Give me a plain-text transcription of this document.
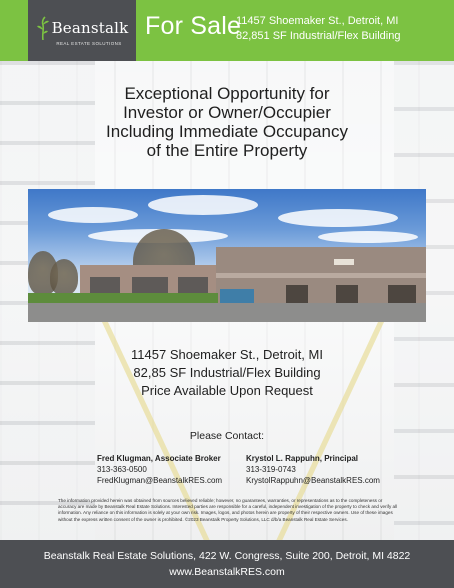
Beanstalk
REAL ESTATE SOLUTIONS
For Sale
11457 Shoemaker St., Detroit, MI
82,851 SF Industrial/Flex Building
Exceptional Opportunity for
Investor or Owner/Occupier
Including Immediate Occupancy
of the Entire Property
11457 Shoemaker St., Detroit, MI
82,85 SF Industrial/Flex Building
Price Available Upon Request
Please Contact:
Fred Klugman, Associate Broker
313-363-0500
FredKlugman@BeanstalkRES.com
Krystol L. Rappuhn, Principal
313-319-0743
KrystolRappuhn@BeanstalkRES.com
The information provided herein was obtained from sources believed reliable; however, no guarantees, warranties, or representations as to the completeness or accuracy are made by Beanstalk Real Estate Solutions. Interested parties are responsible for a careful, independent investigation of the property to check and verify all information. Any reliance on this information is solely at your own risk. Images, logos, and photos herein are property of their respective owners. Use of these images without the express written consent of the owner is prohibited. ©2023 Beanstalk Property Solutions, LLC d/b/a Beanstalk Real Estate Services.
Beanstalk Real Estate Solutions, 422 W. Congress, Suite 200, Detroit, MI 4822
www.BeanstalkRES.com
